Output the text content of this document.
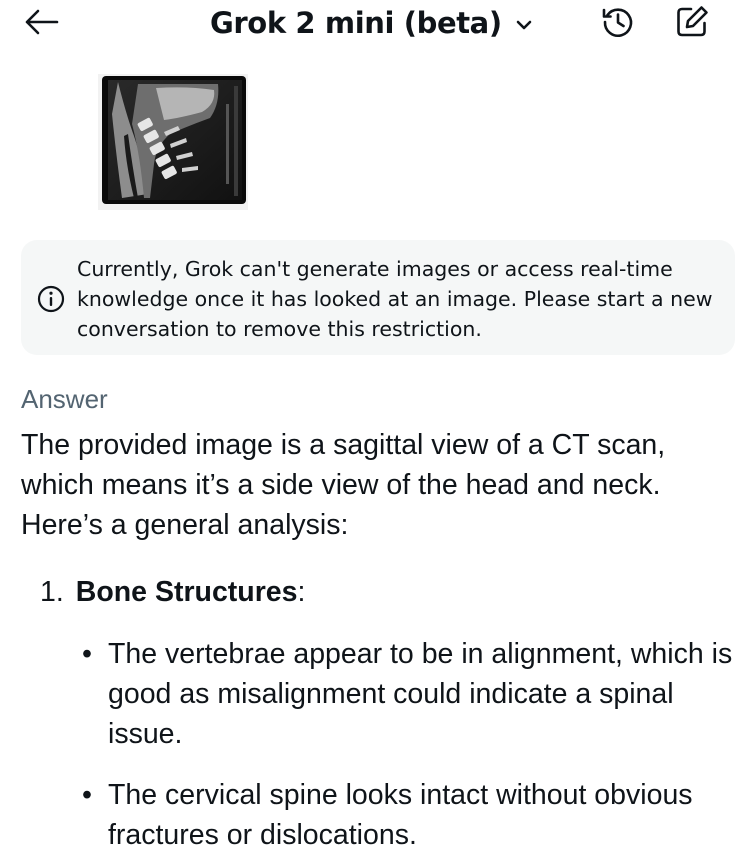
Grok 2 mini (beta)
Currently, Grok can't generate images or access real-time knowledge once it has looked at an image. Please start a new conversation to remove this restriction.
Answer
The provided image is a sagittal view of a CT scan, which means it’s a side view of the head and neck. Here’s a general analysis:
1. Bone Structures:
• The vertebrae appear to be in alignment, which is good as misalignment could indicate a spinal issue.
• The cervical spine looks intact without obvious fractures or dislocations.
